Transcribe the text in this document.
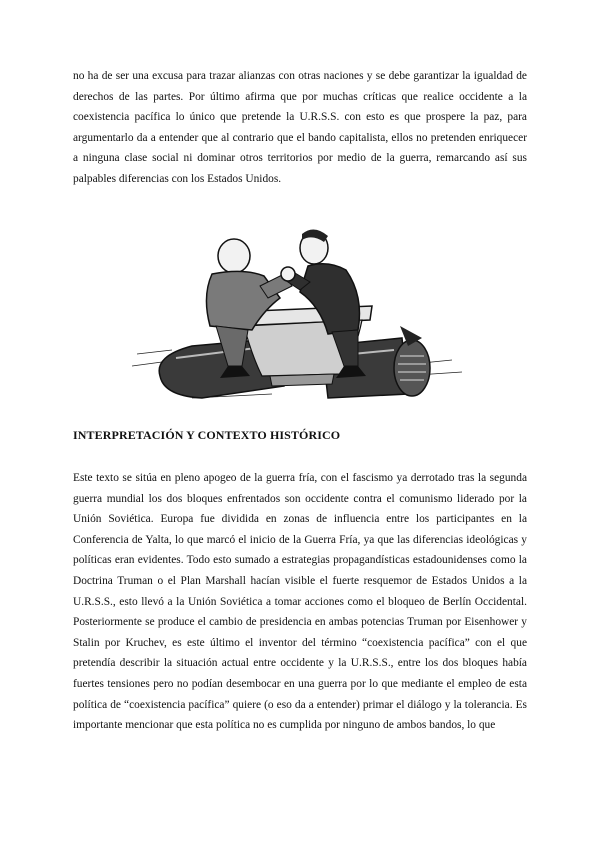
no ha de ser una excusa para trazar alianzas con otras naciones y se debe garantizar la igualdad de derechos de las partes. Por último afirma que por muchas críticas que realice occidente a la coexistencia pacífica lo único que pretende la U.R.S.S. con esto es que prospere la paz, para argumentarlo da a entender que al contrario que el bando capitalista, ellos no pretenden enriquecer a ninguna clase social ni dominar otros territorios por medio de la guerra, remarcando así sus palpables diferencias con los Estados Unidos.

INTERPRETACIÓN Y CONTEXTO HISTÓRICO

Este texto se sitúa en pleno apogeo de la guerra fría, con el fascismo ya derrotado tras la segunda guerra mundial los dos bloques enfrentados son occidente contra el comunismo liderado por la Unión Soviética. Europa fue dividida en zonas de influencia entre los participantes en la Conferencia de Yalta, lo que marcó el inicio de la Guerra Fría, ya que las diferencias ideológicas y políticas eran evidentes. Todo esto sumado a estrategias propagandísticas estadounidenses como la Doctrina Truman o el Plan Marshall hacían visible el fuerte resquemor de Estados Unidos a la U.R.S.S., esto llevó a la Unión Soviética a tomar acciones como el bloqueo de Berlín Occidental. Posteriormente se produce el cambio de presidencia en ambas potencias Truman por Eisenhower y Stalin por Kruchev, es este último el inventor del término “coexistencia pacífica” con el que pretendía describir la situación actual entre occidente y la U.R.S.S., entre los dos bloques había fuertes tensiones pero no podían desembocar en una guerra por lo que mediante el empleo de esta política de “coexistencia pacífica” quiere (o eso da a entender) primar el diálogo y la tolerancia. Es importante mencionar que esta política no es cumplida por ninguno de ambos bandos, lo que
